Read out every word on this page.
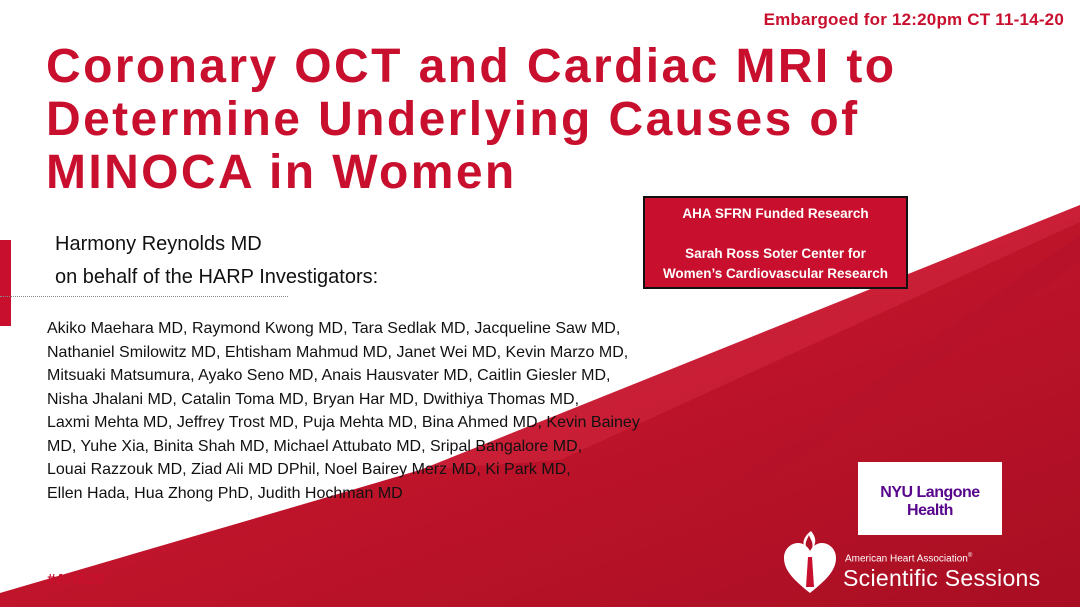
Embargoed for 12:20pm CT 11-14-20
Coronary OCT and Cardiac MRI to
Determine Underlying Causes of
MINOCA in Women
Harmony Reynolds MD
on behalf of the HARP Investigators:
Akiko Maehara MD, Raymond Kwong MD, Tara Sedlak MD, Jacqueline Saw MD,
Nathaniel Smilowitz MD, Ehtisham Mahmud MD, Janet Wei MD, Kevin Marzo MD,
Mitsuaki Matsumura, Ayako Seno MD, Anais Hausvater MD, Caitlin Giesler MD,
Nisha Jhalani MD, Catalin Toma MD, Bryan Har MD, Dwithiya Thomas MD,
Laxmi Mehta MD, Jeffrey Trost MD, Puja Mehta MD, Bina Ahmed MD, Kevin Bainey
MD, Yuhe Xia, Binita Shah MD, Michael Attubato MD, Sripal Bangalore MD,
Louai Razzouk MD, Ziad Ali MD DPhil, Noel Bairey Merz MD, Ki Park MD,
Ellen Hada, Hua Zhong PhD, Judith Hochman MD
AHA SFRN Funded Research
Sarah Ross Soter Center for
Women’s Cardiovascular Research
NYU Langone
Health
American Heart Association®
Scientific Sessions
#AHA20
